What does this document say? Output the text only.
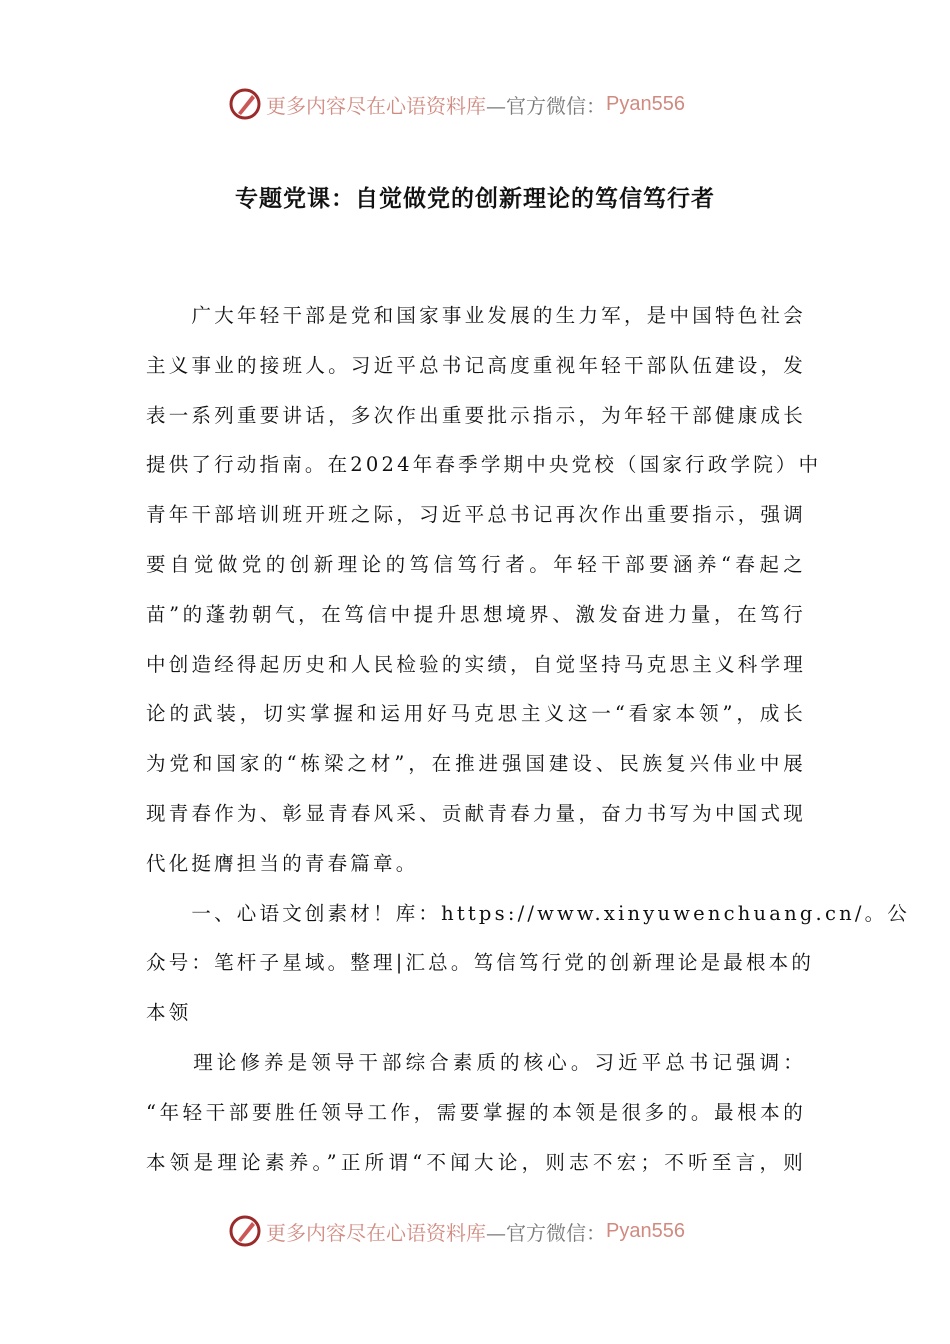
更多内容尽在心语资料库 —官方微信： Pyan556
专题党课：自觉做党的创新理论的笃信笃行者
　　广大年轻干部是党和国家事业发展的生力军，是中国特色社会
主义事业的接班人。习近平总书记高度重视年轻干部队伍建设，发
表一系列重要讲话，多次作出重要批示指示，为年轻干部健康成长
提供了行动指南。在2024年春季学期中央党校（国家行政学院）中
青年干部培训班开班之际，习近平总书记再次作出重要指示，强调
要自觉做党的创新理论的笃信笃行者。年轻干部要涵养“春起之
苗”的蓬勃朝气，在笃信中提升思想境界、激发奋进力量，在笃行
中创造经得起历史和人民检验的实绩，自觉坚持马克思主义科学理
论的武装，切实掌握和运用好马克思主义这一“看家本领”，成长
为党和国家的“栋梁之材”，在推进强国建设、民族复兴伟业中展
现青春作为、彰显青春风采、贡献青春力量，奋力书写为中国式现
代化挺膺担当的青春篇章。
　　一、心语文创素材！库：https://www.xinyuwenchuang.cn/。公
众号：笔杆子星域。整理|汇总。笃信笃行党的创新理论是最根本的
本领
　　理论修养是领导干部综合素质的核心。习近平总书记强调：
“年轻干部要胜任领导工作，需要掌握的本领是很多的。最根本的
本领是理论素养。”正所谓“不闻大论，则志不宏；不听至言，则
更多内容尽在心语资料库 —官方微信： Pyan556
